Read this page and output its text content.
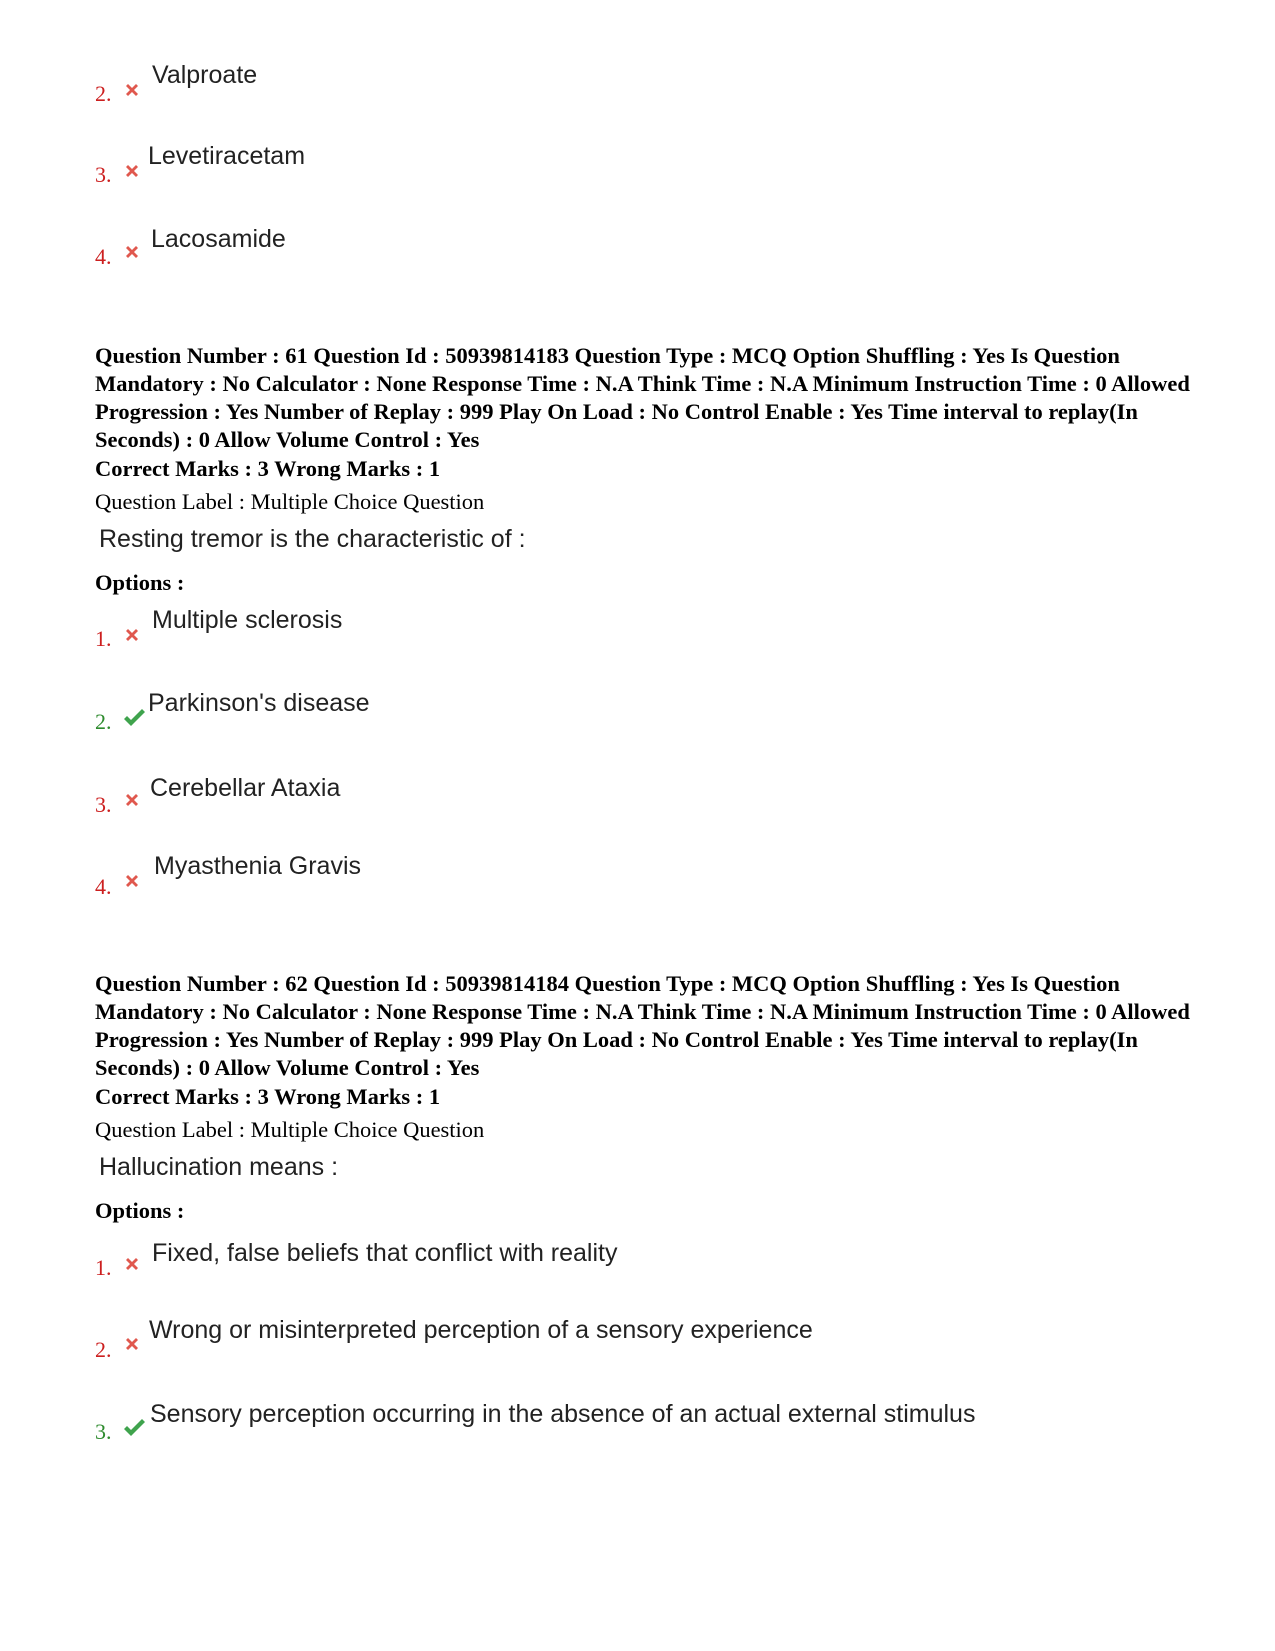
2.
Valproate
3.
Levetiracetam
4.
Lacosamide

Question Number : 61 Question Id : 50939814183 Question Type : MCQ Option Shuffling : Yes Is Question Mandatory : No Calculator : None Response Time : N.A Think Time : N.A Minimum Instruction Time : 0 Allowed Progression : Yes Number of Replay : 999 Play On Load : No Control Enable : Yes Time interval to replay(In Seconds) : 0 Allow Volume Control : Yes

Correct Marks : 3 Wrong Marks : 1

Question Label : Multiple Choice Question

Resting tremor is the characteristic of :

Options :

1.
Multiple sclerosis
2.
Parkinson's disease
3.
Cerebellar Ataxia
4.
Myasthenia Gravis

Question Number : 62 Question Id : 50939814184 Question Type : MCQ Option Shuffling : Yes Is Question Mandatory : No Calculator : None Response Time : N.A Think Time : N.A Minimum Instruction Time : 0 Allowed Progression : Yes Number of Replay : 999 Play On Load : No Control Enable : Yes Time interval to replay(In Seconds) : 0 Allow Volume Control : Yes

Correct Marks : 3 Wrong Marks : 1

Question Label : Multiple Choice Question

Hallucination means :

Options :

1.
Fixed, false beliefs that conflict with reality
2.
Wrong or misinterpreted perception of a sensory experience
3.
Sensory perception occurring in the absence of an actual external stimulus
